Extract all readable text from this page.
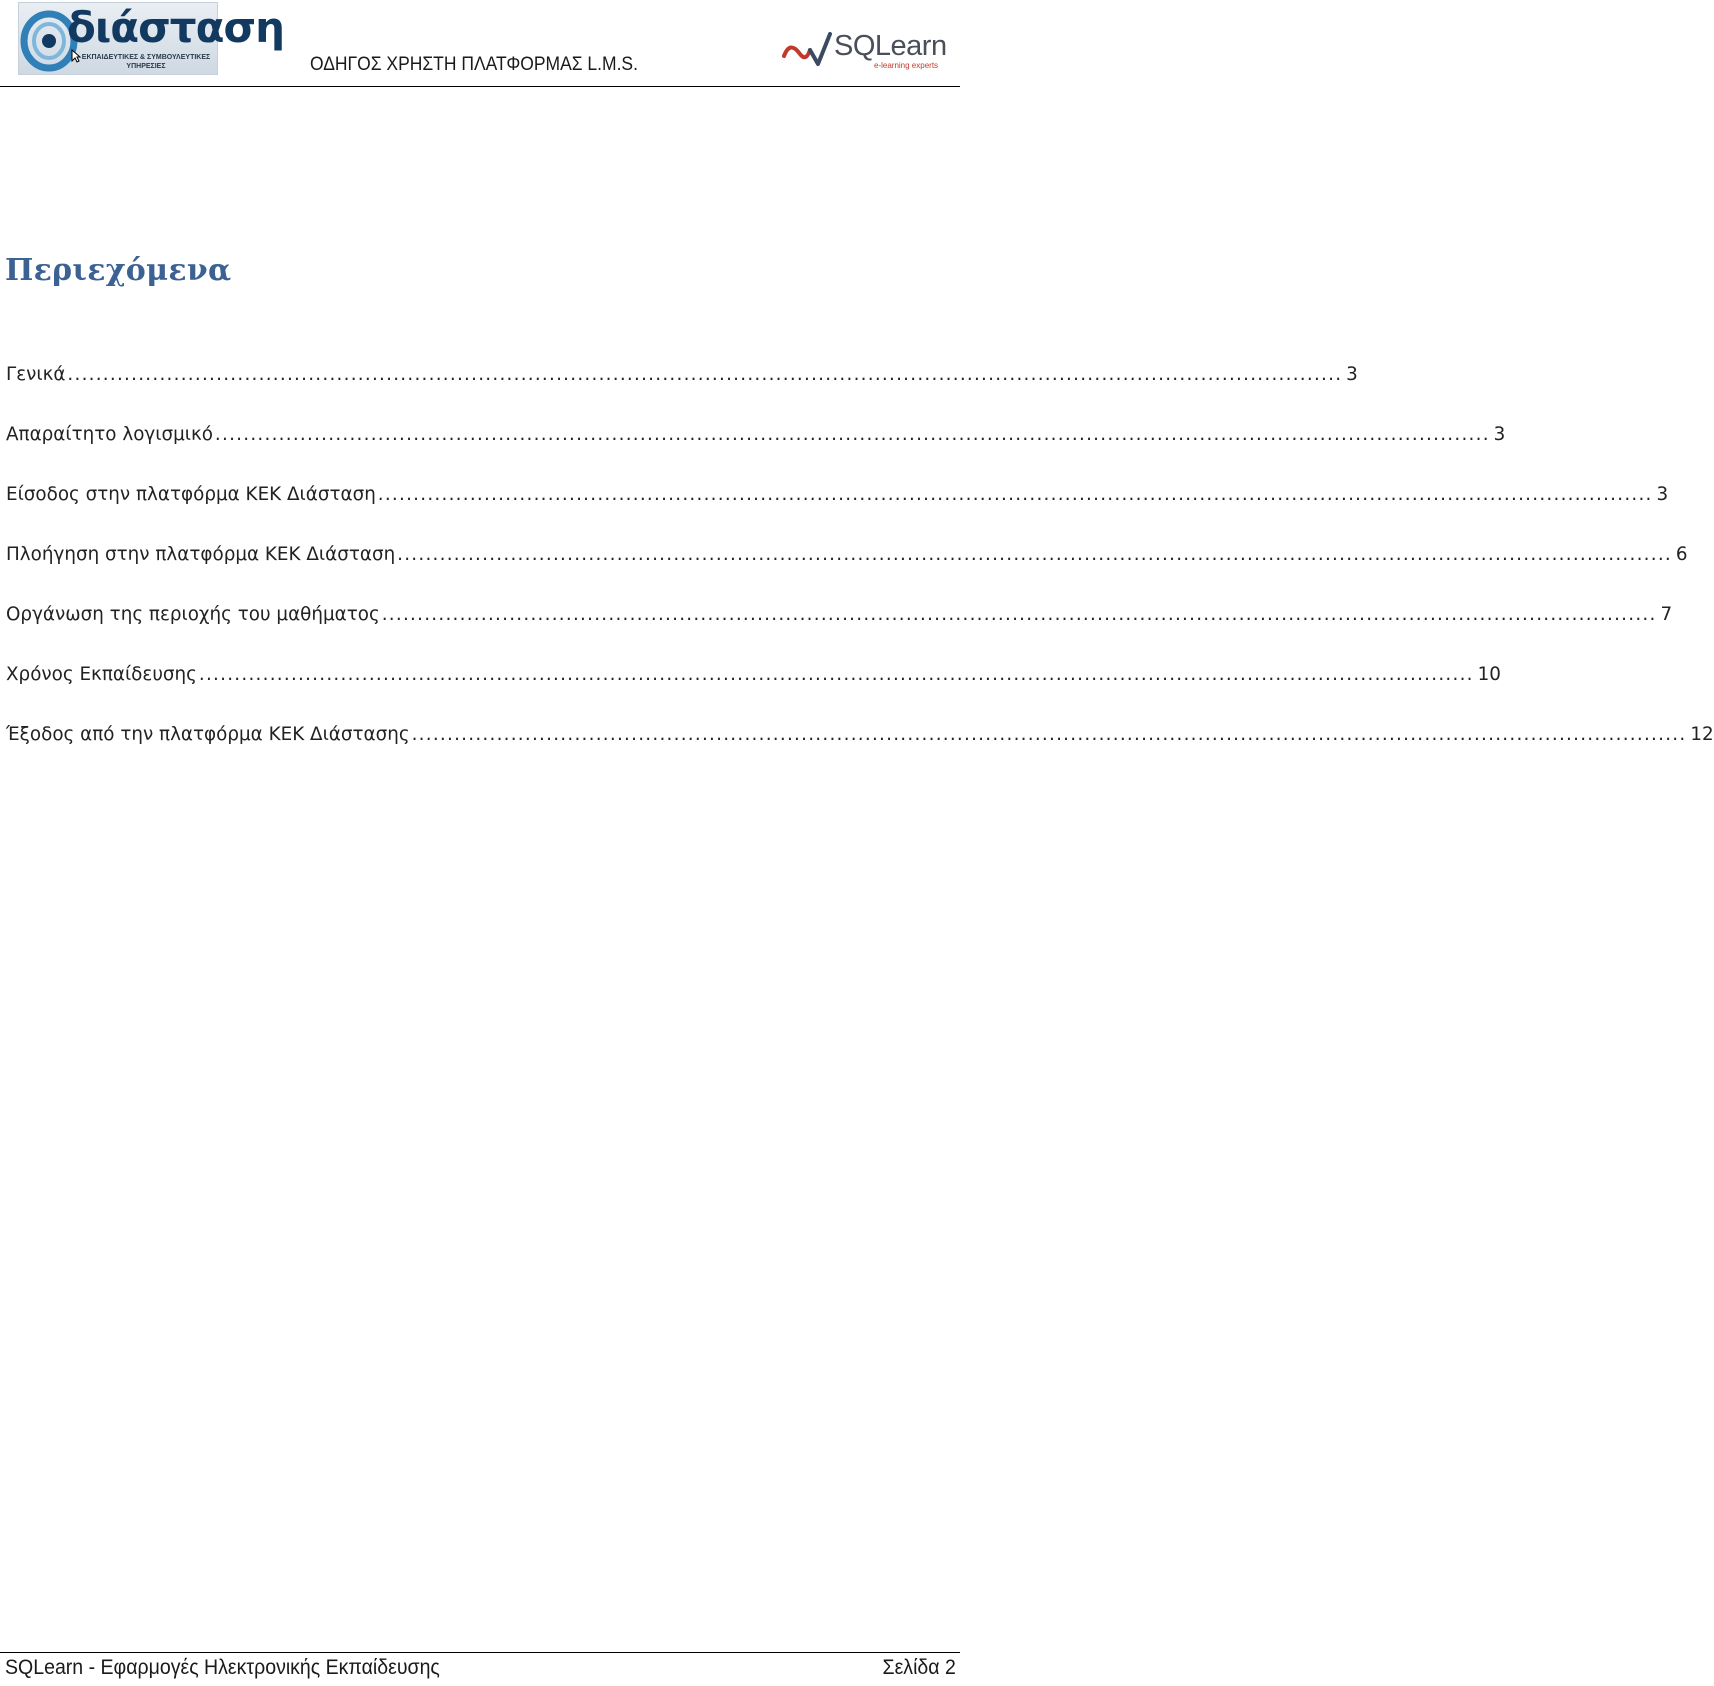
διάσταση
ΕΚΠΑΙΔΕΥΤΙΚΕΣ & ΣΥΜΒΟΥΛΕΥΤΙΚΕΣ ΥΠΗΡΕΣΙΕΣ	ΟΔΗΓΟΣ ΧΡΗΣΤΗ ΠΛΑΤΦΟΡΜΑΣ L.M.S.
SQLearn
e-learning experts
Περιεχόμενα
Γενικά .................................................................................................................................................................................... 3
Απαραίτητο λογισμικό .................................................................................................................................................................................... 3
Είσοδος στην πλατφόρμα ΚΕΚ Διάσταση .................................................................................................................................................................................... 3
Πλοήγηση στην πλατφόρμα ΚΕΚ Διάσταση .................................................................................................................................................................................... 6
Οργάνωση της περιοχής του μαθήματος .................................................................................................................................................................................... 7
Χρόνος Εκπαίδευσης .................................................................................................................................................................................... 10
Έξοδος από την πλατφόρμα ΚΕΚ Διάστασης .................................................................................................................................................................................... 12
SQLearn - Εφαρμογές Ηλεκτρονικής Εκπαίδευσης	Σελίδα 2
